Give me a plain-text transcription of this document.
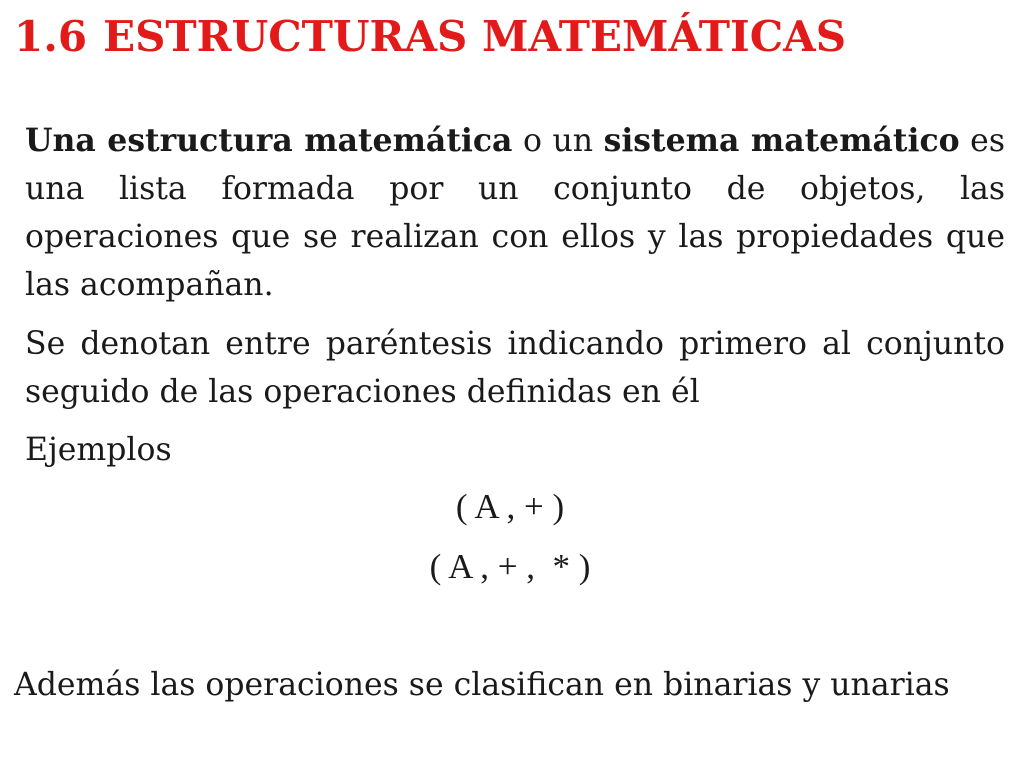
1.6 ESTRUCTURAS MATEMÁTICAS

Una estructura matemática o un sistema matemático es una lista formada por un conjunto de objetos, las operaciones que se realizan con ellos y las propiedades que las acompañan.

Se denotan entre paréntesis indicando primero al conjunto seguido de las operaciones definidas en él

Ejemplos

( A , + )

( A , + ,  * )

Además las operaciones se clasifican en binarias y unarias
